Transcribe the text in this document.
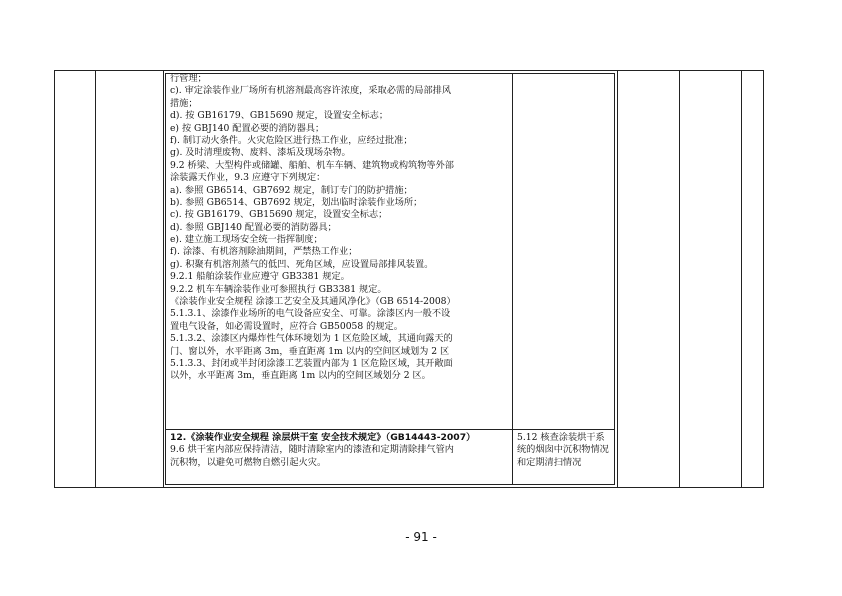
行管理；
c). 审定涂装作业厂场所有机溶剂最高容许浓度，采取必需的局部排风
措施；
d). 按 GB16179、GB15690 规定，设置安全标志；
e) 按 GBJ140 配置必要的消防器具；
f). 制订动火条件。火灾危险区进行热工作业，应经过批准；
g). 及时清理废物、废料、漆垢及现场杂物。
9.2 桥梁、大型构件或储罐、船舶、机车车辆、建筑物或构筑物等外部
涂装露天作业，9.3 应遵守下列规定：
a). 参照 GB6514、GB7692 规定，制订专门的防护措施；
b). 参照 GB6514、GB7692 规定，划出临时涂装作业场所；
c). 按 GB16179、GB15690 规定，设置安全标志；
d). 参照 GBJ140 配置必要的消防器具；
e). 建立施工现场安全统一指挥制度；
f). 涂漆、有机溶剂除油期间，严禁热工作业；
g). 积聚有机溶剂蒸气的低凹、死角区域，应设置局部排风装置。
9.2.1 船舶涂装作业应遵守 GB3381 规定。
9.2.2 机车车辆涂装作业可参照执行 GB3381 规定。
《涂装作业安全规程 涂漆工艺安全及其通风净化》（GB 6514-2008）
5.1.3.1、涂漆作业场所的电气设备应安全、可靠。涂漆区内一般不设
置电气设备，如必需设置时，应符合 GB50058 的规定。
5.1.3.2、涂漆区内爆炸性气体环境划为 1 区危险区域，其通向露天的
门、窗以外，水平距离 3m，垂直距离 1m 以内的空间区域划为 2 区
5.1.3.3、封闭或半封闭涂漆工艺装置内部为 1 区危险区域，其开敞面
以外，水平距离 3m，垂直距离 1m 以内的空间区域划分 2 区。
12.《涂装作业安全规程 涂层烘干室 安全技术规定》（GB14443-2007）
9.6 烘干室内部应保持清洁，随时清除室内的漆渣和定期清除排气管内
沉积物，以避免可燃物自燃引起火灾。
5.12 核查涂装烘干系统的烟囱中沉积物情况和定期清扫情况
- 91 -
